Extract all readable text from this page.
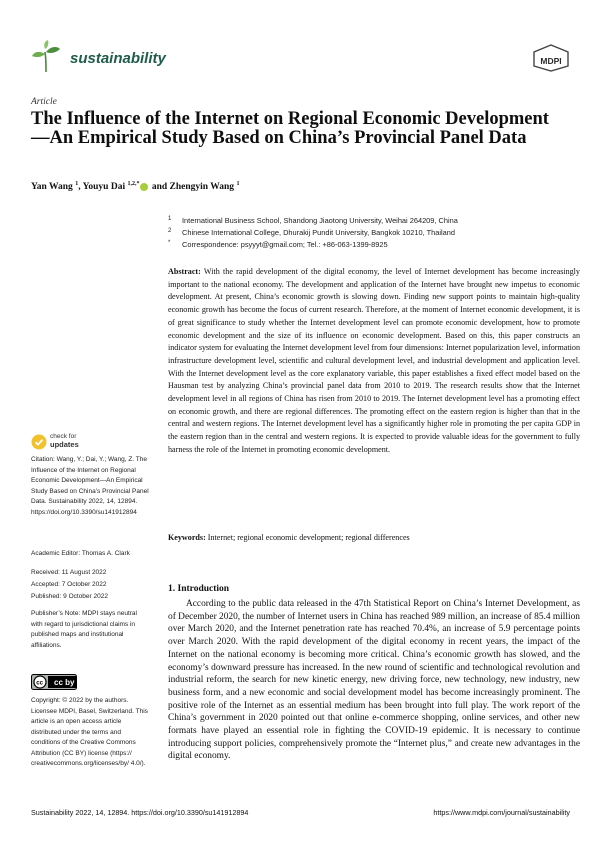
sustainability	MDPI
Article
The Influence of the Internet on Regional Economic Development—An Empirical Study Based on China’s Provincial Panel Data
Yan Wang $^1$, Youyu Dai $^{1,2,*}$ and Zhengyin Wang $^1$
1 International Business School, Shandong Jiaotong University, Weihai 264209, China
2 Chinese International College, Dhurakij Pundit University, Bangkok 10210, Thailand
* Correspondence: psyyyt@gmail.com; Tel.: +86-063-1399-8925
Abstract: With the rapid development of the digital economy, the level of Internet development has become increasingly important to the national economy. The development and application of the Internet have brought new impetus to economic development. At present, China’s economic growth is slowing down. Finding new support points to maintain high-quality economic growth has become the focus of current research. Therefore, at the moment of Internet economic development, it is of great significance to study whether the Internet development level can promote economic development, how to promote economic development and the size of its influence on economic development. Based on this, this paper constructs an indicator system for evaluating the Internet development level from four dimensions: Internet popularization level, information infrastructure development level, scientific and cultural development level, and industrial development and application level. With the Internet development level as the core explanatory variable, this paper establishes a fixed effect model based on the Hausman test by analyzing China’s provincial panel data from 2010 to 2019. The research results show that the Internet development level in all regions of China has risen from 2010 to 2019. The Internet development level has a promoting effect on economic growth, and there are regional differences. The promoting effect on the eastern region is higher than that in the central and western regions. The Internet development level has a significantly higher role in promoting the per capita GDP in the eastern region than in the central and western regions. It is expected to provide valuable ideas for the government to fully harness the role of the Internet in promoting economic development.
Keywords: Internet; regional economic development; regional differences
check for
updates
Citation: Wang, Y.; Dai, Y.; Wang, Z. The Influence of the Internet on Regional Economic Development—An Empirical Study Based on China’s Provincial Panel Data. Sustainability 2022, 14, 12894. https://doi.org/10.3390/su141912894
Academic Editor: Thomas A. Clark
Received: 11 August 2022
Accepted: 7 October 2022
Published: 9 October 2022
Publisher’s Note: MDPI stays neutral with regard to jurisdictional claims in published maps and institutional affiliations.
cc cc by
Copyright: © 2022 by the authors. Licensee MDPI, Basel, Switzerland. This article is an open access article distributed under the terms and conditions of the Creative Commons Attribution (CC BY) license (https:// creativecommons.org/licenses/by/ 4.0/).
1. Introduction
According to the public data released in the 47th Statistical Report on China’s Internet Development, as of December 2020, the number of Internet users in China has reached 989 million, an increase of 85.4 million over March 2020, and the Internet penetration rate has reached 70.4%, an increase of 5.9 percentage points over March 2020. With the rapid development of the digital economy in recent years, the impact of the Internet on the national economy is becoming more critical. China’s economic growth has slowed, and the economy’s downward pressure has increased. In the new round of scientific and technological revolution and industrial reform, the search for new kinetic energy, new driving force, new technology, new industry, new business form, and a new economic and social development model has become increasingly prominent. The positive role of the Internet as an essential medium has been brought into full play. The work report of the China’s government in 2020 pointed out that online e-commerce shopping, online services, and other new formats have played an essential role in fighting the COVID-19 epidemic. It is necessary to continue introducing support policies, comprehensively promote the “Internet plus,” and create new advantages in the digital economy.
Sustainability 2022, 14, 12894. https://doi.org/10.3390/su141912894	https://www.mdpi.com/journal/sustainability
